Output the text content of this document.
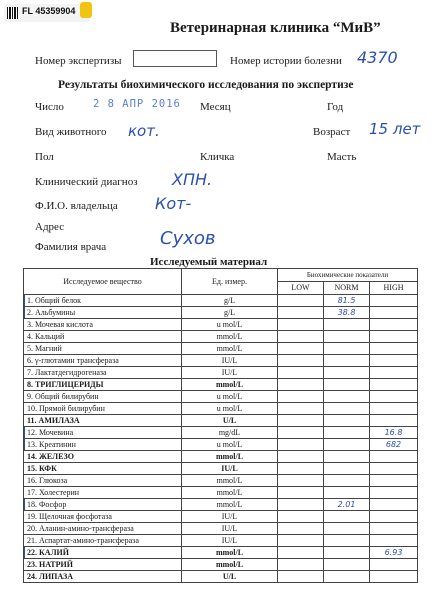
FL 45359904
Ветеринарная клиника “МиВ”
Номер экспертизы	Номер истории болезни 4370
Результаты биохимического исследования по экспертизе
Число	2 8 АПР 2016 Месяц	Год
Вид животного кот.	Возраст 15 лет
Пол	Кличка	Масть
Клинический диагноз ХПН.
Ф.И.О. владельца Кот-
Адрес
Фамилия врача	Сухов
Исследуемый материал
Исследуемое вещество	Ед. измер.	Биохимические показатели		
		LOW	NORM	HIGH
1. Общий белок	g/L		81.5	
2. Альбумины	g/L		38.8	
3. Мочевая кислота	u mol/L			
4. Кальций	mmol/L			
5. Магний	mmol/L			
6. γ-глютамин трансфераза	IU/L			
7. Лактатдегидрогеназа	IU/L			
8. ТРИГЛИЦЕРИДЫ	mmol/L			
9. Общий билирубин	u mol/L			
10. Прямой билирубин	u mol/L			
11. АМИЛАЗА	U/L			
12. Мочевина	mg/dL			16.8
13. Креатинин	u mol/L			682
14. ЖЕЛЕЗО	mmol/L			
15. КФК	IU/L			
16. Глюкоза	mmol/L			
17. Холестерин	mmol/L			
18. Фосфор	mmol/L		2.01	
19. Щелочная фосфотаза	IU/L			
20. Аланин-амино-трансфераза	IU/L			
21. Аспартат-амино-трансфераза	IU/L			
22. КАЛИЙ	mmol/L			6.93
23. НАТРИЙ	mmol/L			
24. ЛИПАЗА	U/L			
